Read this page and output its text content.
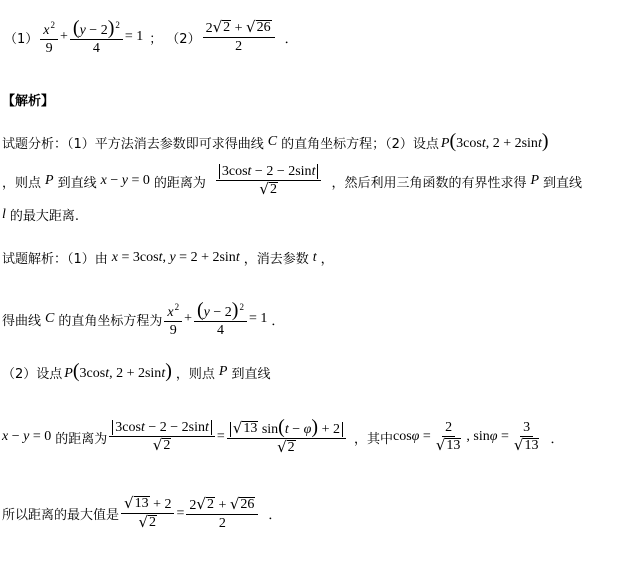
$(1) \frac{x^2}{9} + \frac{(y - 2)^2}{4} = 1$ ； $(2) \frac{2 √ 2 + √ 26}{2}$ ．
【解析】
试题分析：（1）平方法消去参数即可求得曲线 C 的直角坐标方程；（2）设点 P(3cost, 2 + 2sint)
，则点 P 到直线 x − y = 0 的距离为 $\frac{3\cos t - 2 - 2\sin t}{√ 2}$ ，然后利用三角函数的有界性求得 P 到直线
l 的最大距离.
试题解析：（1）由 x = 3cost, y = 2 + 2sint ，消去参数 t ，
得曲线 C 的直角坐标方程为 $\frac{x^2}{9} + \frac{(y - 2)^2}{4} = 1$ ．
（2）设点 P(3cost, 2 + 2sint) ，则点 P 到直线
x − y = 0 的距离为 $\frac{3\cos t - 2 - 2\sin t}{√ 2} = \frac{√ 13 \sin(t - \varphi) + 2}{√ 2}$ ，其中 $\cos\varphi = \frac{2}{√ 13}$ , $\sin\varphi = \frac{3}{√ 13}$ ．
所以距离的最大值是 $\frac{√ 13 + 2}{√ 2} = \frac{2 √ 2 + √ 26}{2}$ ．
